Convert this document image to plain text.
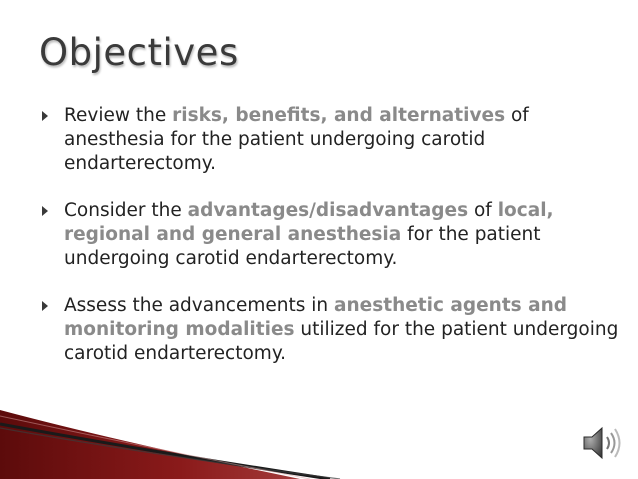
Objectives
Review the risks, benefits, and alternatives of anesthesia for the patient undergoing carotid endarterectomy.
Consider the advantages/disadvantages of local, regional and general anesthesia for the patient undergoing carotid endarterectomy.
Assess the advancements in anesthetic agents and monitoring modalities utilized for the patient undergoing carotid endarterectomy.
